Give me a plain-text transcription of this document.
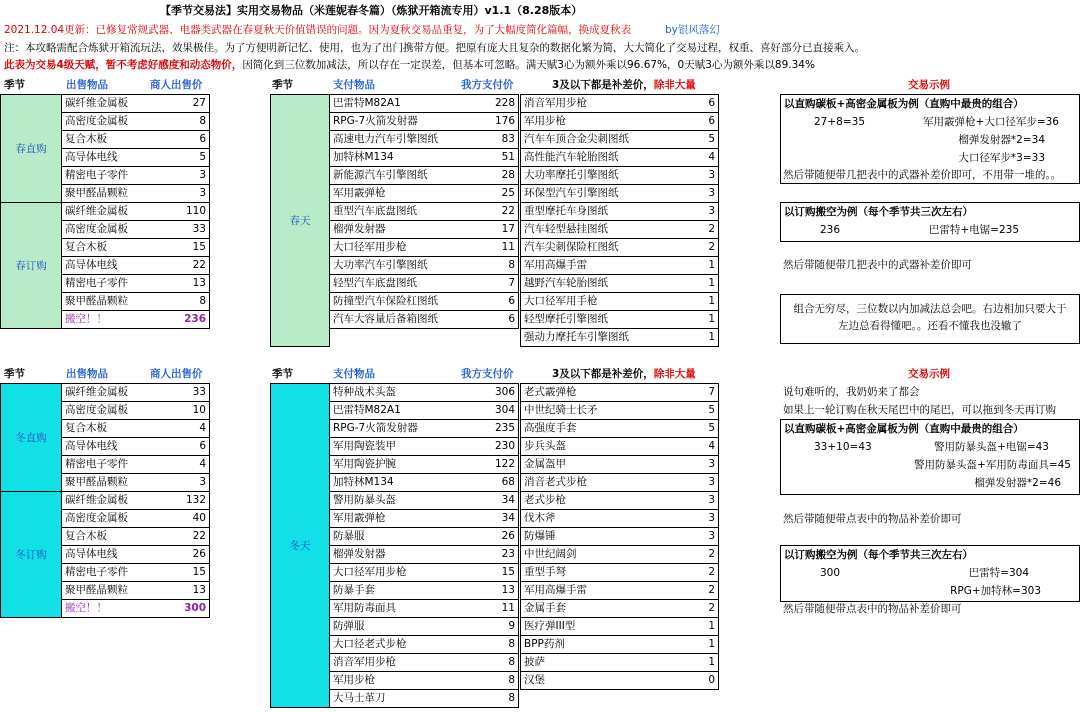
【季节交易法】实用交易物品（米莲妮春冬篇）（炼狱开箱流专用）v1.1（8.28版本）
2021.12.04更新：已修复常规武器、电器类武器在春夏秋天价值错误的问题。因为夏秋交易品重复，为了大幅度简化篇幅，换成夏秋表	by银风落幻
注：本攻略需配合炼狱开箱流玩法，效果极佳。为了方便明新记忆、使用，也为了出门携带方便。把原有庞大且复杂的数据化繁为简，大大简化了交易过程，权重、喜好部分已直接乘入。
此表为交易4级天赋，暂不考虑好感度和动态物价，因简化到三位数加减法，所以存在一定误差，但基本可忽略。满天赋3心为额外乘以96.67%，0天赋3心为额外乘以89.34%
季节	出售物品	商人出售价	季节	支付物品	我方支付价	3及以下都是补差价，除非大量	交易示例
春直购
春订购
碳纤维金属板	27
高密度金属板	8
复合木板	6
高导体电线	5
精密电子零件	3
聚甲醛晶颗粒	3
碳纤维金属板	110
高密度金属板	33
复合木板	15
高导体电线	22
精密电子零件	13
聚甲醛晶颗粒	8
搬空！！	236
春天
巴雷特M82A1	228
RPG-7火箭发射器	176
高速电力汽车引擎图纸	83
加特林M134	51
新能源汽车引擎图纸	28
军用霰弹枪	25
重型汽车底盘图纸	22
榴弹发射器	17
大口径军用步枪	11
大功率汽车引擎图纸	8
轻型汽车底盘图纸	7
防撞型汽车保险杠图纸	6
汽车大容量后备箱图纸	6
消音军用步枪	6
军用步枪	6
汽车车顶合金尖刺图纸	5
高性能汽车轮胎图纸	4
大功率摩托引擎图纸	3
环保型汽车引擎图纸	3
重型摩托车身图纸	3
汽车轻型悬挂图纸	2
汽车尖刺保险杠图纸	2
军用高爆手雷	1
越野汽车轮胎图纸	1
大口径军用手枪	1
轻型摩托引擎图纸	1
强动力摩托车引擎图纸	1
以直购碳板+高密金属板为例（直购中最贵的组合）
27+8=35	军用霰弹枪+大口径军步=36
榴弹发射器*2=34
大口径军步*3=33
然后带随便带几把表中的武器补差价即可，不用带一堆的。。
以订购搬空为例（每个季节共三次左右）
236	巴雷特+电锯=235
然后带随便带几把表中的武器补差价即可
组合无穷尽，三位数以内加减法总会吧。右边相加只要大于左边总看得懂吧。。还看不懂我也没辙了
季节	出售物品	商人出售价	季节	支付物品	我方支付价	3及以下都是补差价，除非大量	交易示例
冬直购
冬订购
碳纤维金属板	33
高密度金属板	10
复合木板	4
高导体电线	6
精密电子零件	4
聚甲醛晶颗粒	3
碳纤维金属板	132
高密度金属板	40
复合木板	22
高导体电线	26
精密电子零件	15
聚甲醛晶颗粒	13
搬空！！	300
冬天
特种战术头盔	306
巴雷特M82A1	304
RPG-7火箭发射器	235
军用陶瓷装甲	230
军用陶瓷护腕	122
加特林M134	68
警用防暴头盔	34
军用霰弹枪	34
防暴服	26
榴弹发射器	23
大口径军用步枪	15
防暴手套	13
军用防毒面具	11
防弹服	9
大口径老式步枪	8
消音军用步枪	8
军用步枪	8
大马士革刀	8
老式霰弹枪	7
中世纪骑士长矛	5
高强度手套	5
步兵头盔	4
金属盔甲	3
消音老式步枪	3
老式步枪	3
伐木斧	3
防爆锤	3
中世纪阔剑	2
重型手弩	2
军用高爆手雷	2
金属手套	2
医疗弹III型	1
BPP药剂	1
披萨	1
汉堡	0
说句难听的，我奶奶来了都会
如果上一轮订购在秋天尾巴中的尾巴，可以拖到冬天再订购
以直购碳板+高密金属板为例（直购中最贵的组合）
33+10=43	警用防暴头盔+电锯=43
警用防暴头盔+军用防毒面具=45
榴弹发射器*2=46
然后带随便带点表中的物品补差价即可
以订购搬空为例（每个季节共三次左右）
300	巴雷特=304
RPG+加特林=303
然后带随便带点表中的物品补差价即可
